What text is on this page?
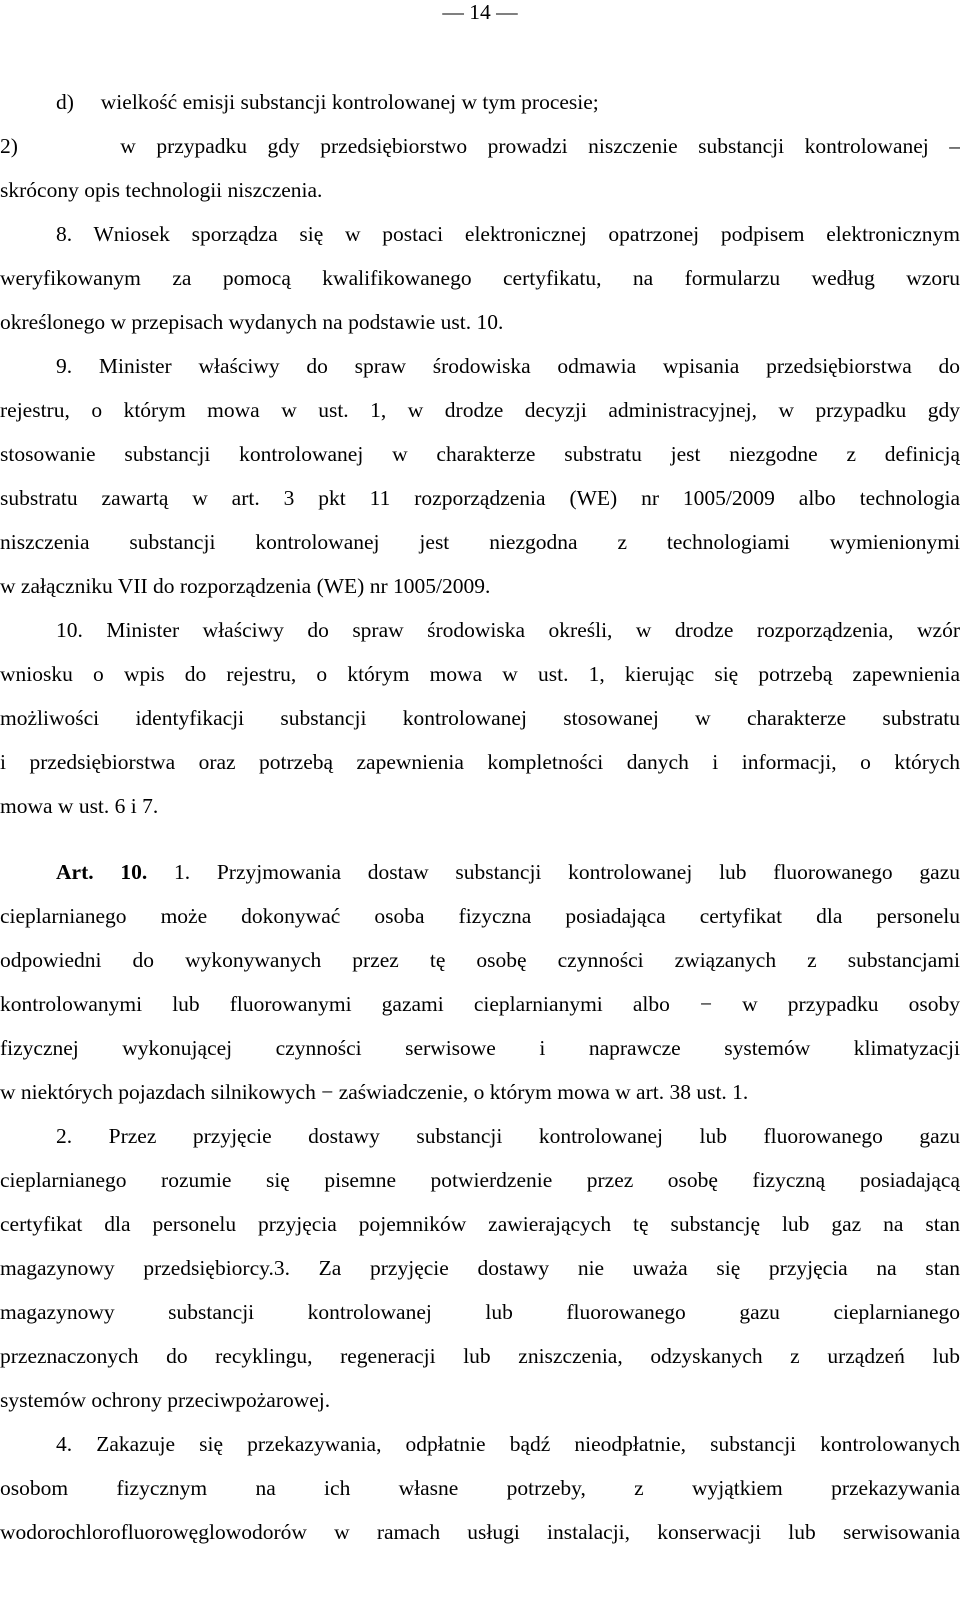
— 14 —
d)     wielkość emisji substancji kontrolowanej w tym procesie;
2)     w przypadku gdy przedsiębiorstwo prowadzi niszczenie substancji kontrolowanej –
skrócony opis technologii niszczenia.
8. Wniosek sporządza się w postaci elektronicznej opatrzonej podpisem elektronicznym
weryfikowanym za pomocą kwalifikowanego certyfikatu, na formularzu według wzoru
określonego w przepisach wydanych na podstawie ust. 10.
9. Minister właściwy do spraw środowiska odmawia wpisania przedsiębiorstwa do
rejestru, o którym mowa w ust. 1, w drodze decyzji administracyjnej, w przypadku gdy
stosowanie substancji kontrolowanej w charakterze substratu jest niezgodne z definicją
substratu zawartą w art. 3 pkt 11 rozporządzenia (WE) nr 1005/2009 albo technologia
niszczenia substancji kontrolowanej jest niezgodna z technologiami wymienionymi
w załączniku VII do rozporządzenia (WE) nr 1005/2009.
10. Minister właściwy do spraw środowiska określi, w drodze rozporządzenia, wzór
wniosku o wpis do rejestru, o którym mowa w ust. 1, kierując się potrzebą zapewnienia
możliwości identyfikacji substancji kontrolowanej stosowanej w charakterze substratu
i przedsiębiorstwa oraz potrzebą zapewnienia kompletności danych i informacji, o których
mowa w ust. 6 i 7.
Art. 10. 1. Przyjmowania dostaw substancji kontrolowanej lub fluorowanego gazu
cieplarnianego może dokonywać osoba fizyczna posiadająca certyfikat dla personelu
odpowiedni do wykonywanych przez tę osobę czynności związanych z substancjami
kontrolowanymi lub fluorowanymi gazami cieplarnianymi albo − w przypadku osoby
fizycznej wykonującej czynności serwisowe i naprawcze systemów klimatyzacji
w niektórych pojazdach silnikowych − zaświadczenie, o którym mowa w art. 38 ust. 1.
2. Przez przyjęcie dostawy substancji kontrolowanej lub fluorowanego gazu
cieplarnianego rozumie się pisemne potwierdzenie przez osobę fizyczną posiadającą
certyfikat dla personelu przyjęcia pojemników zawierających tę substancję lub gaz na stan
magazynowy przedsiębiorcy.3. Za przyjęcie dostawy nie uważa się przyjęcia na stan
magazynowy substancji kontrolowanej lub fluorowanego gazu cieplarnianego
przeznaczonych do recyklingu, regeneracji lub zniszczenia, odzyskanych z urządzeń lub
systemów ochrony przeciwpożarowej.
4. Zakazuje się przekazywania, odpłatnie bądź nieodpłatnie, substancji kontrolowanych
osobom fizycznym na ich własne potrzeby, z wyjątkiem przekazywania
wodorochlorofluorowęglowodorów w ramach usługi instalacji, konserwacji lub serwisowania
